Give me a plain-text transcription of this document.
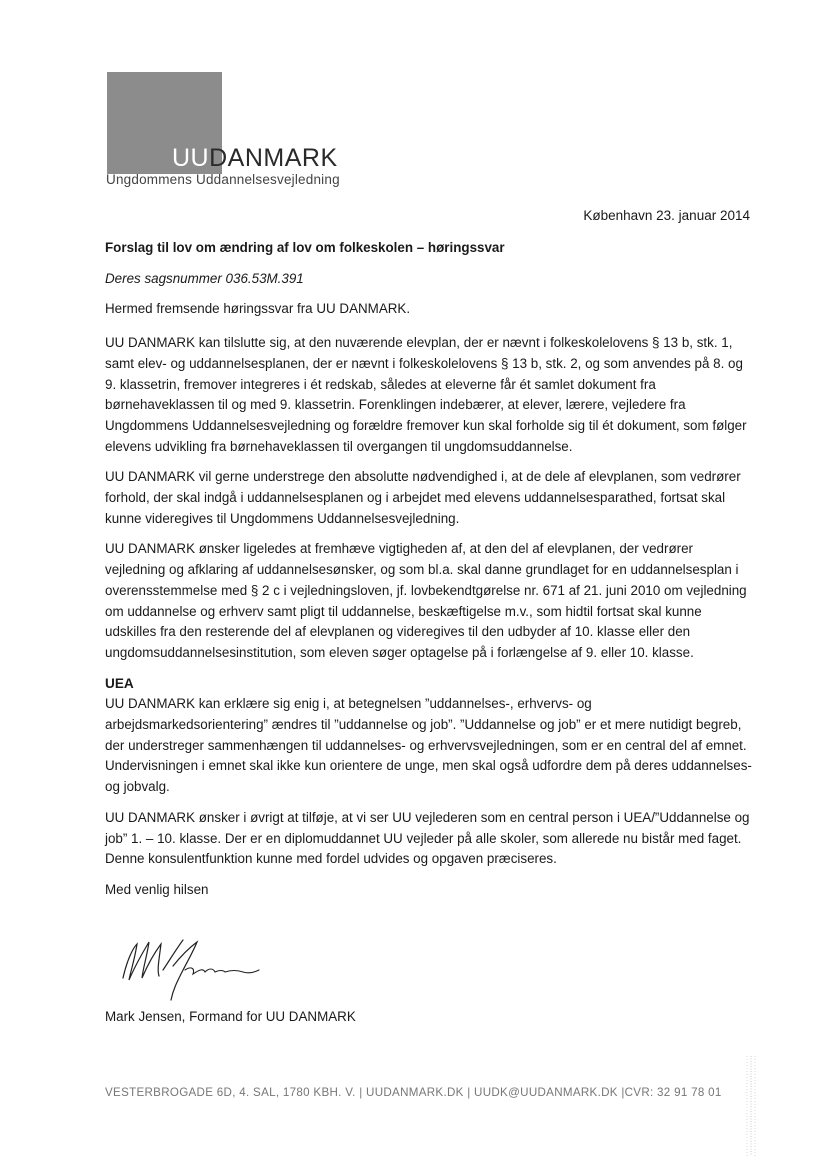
UUDANMARK
Ungdommens Uddannelsesvejledning
København 23. januar 2014

Forslag til lov om ændring af lov om folkeskolen – høringssvar

Deres sagsnummer 036.53M.391

Hermed fremsende høringssvar fra UU DANMARK.

UU DANMARK kan tilslutte sig, at den nuværende elevplan, der er nævnt i folkeskolelovens § 13 b, stk. 1, samt elev- og uddannelsesplanen, der er nævnt i folkeskolelovens § 13 b, stk. 2, og som anvendes på 8. og 9. klassetrin, fremover integreres i ét redskab, således at eleverne får ét samlet dokument fra børnehaveklassen til og med 9. klassetrin. Forenklingen indebærer, at elever, lærere, vejledere fra Ungdommens Uddannelsesvejledning og forældre fremover kun skal forholde sig til ét dokument, som følger elevens udvikling fra børnehaveklassen til overgangen til ungdomsuddannelse.

UU DANMARK vil gerne understrege den absolutte nødvendighed i, at de dele af elevplanen, som vedrører forhold, der skal indgå i uddannelsesplanen og i arbejdet med elevens uddannelsesparathed, fortsat skal kunne videregives til Ungdommens Uddannelsesvejledning.

UU DANMARK ønsker ligeledes at fremhæve vigtigheden af, at den del af elevplanen, der vedrører vejledning og afklaring af uddannelsesønsker, og som bl.a. skal danne grundlaget for en uddannelsesplan i overensstemmelse med § 2 c i vejledningsloven, jf. lovbekendtgørelse nr. 671 af 21. juni 2010 om vejledning om uddannelse og erhverv samt pligt til uddannelse, beskæftigelse m.v., som hidtil fortsat skal kunne udskilles fra den resterende del af elevplanen og videregives til den udbyder af 10. klasse eller den ungdomsuddannelsesinstitution, som eleven søger optagelse på i forlængelse af 9. eller 10. klasse.

UEA

UU DANMARK kan erklære sig enig i, at betegnelsen ”uddannelses-, erhvervs- og arbejdsmarkedsorientering” ændres til ”uddannelse og job”. ”Uddannelse og job” er et mere nutidigt begreb, der understreger sammenhængen til uddannelses- og erhvervsvejledningen, som er en central del af emnet. Undervisningen i emnet skal ikke kun orientere de unge, men skal også udfordre dem på deres uddannelses- og jobvalg.

UU DANMARK ønsker i øvrigt at tilføje, at vi ser UU vejlederen som en central person i UEA/”Uddannelse og job” 1. – 10. klasse. Der er en diplomuddannet UU vejleder på alle skoler, som allerede nu bistår med faget. Denne konsulentfunktion kunne med fordel udvides og opgaven præciseres.

Med venlig hilsen

Mark Jensen, Formand for UU DANMARK
VESTERBROGADE 6D, 4. SAL, 1780 KBH. V. | UUDANMARK.DK | UUDK@UUDANMARK.DK |CVR: 32 91 78 01
